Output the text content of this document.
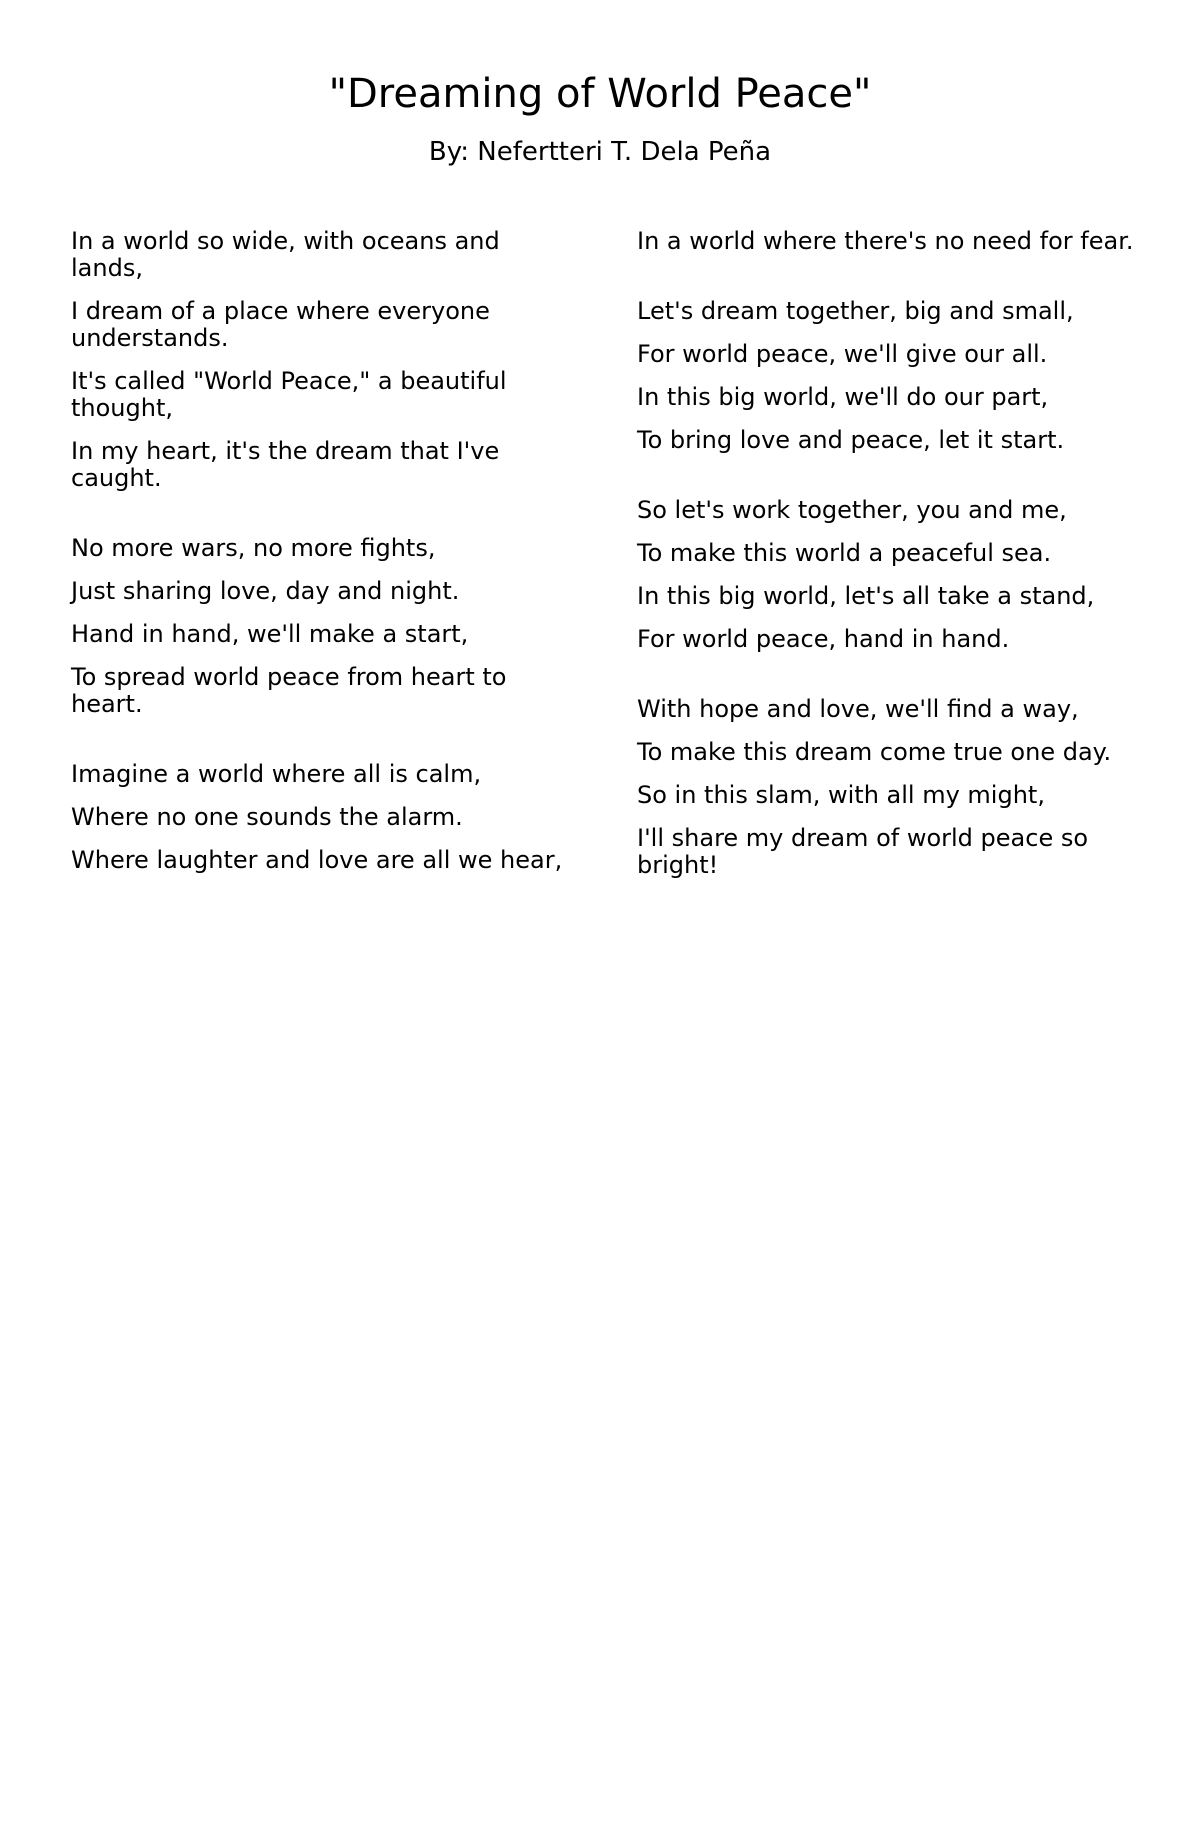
"Dreaming of World Peace"
By: Nefertteri T. Dela Peña

In a world so wide, with oceans and lands,

I dream of a place where everyone understands.

It's called "World Peace," a beautiful thought,

In my heart, it's the dream that I've caught.

No more wars, no more fights,

Just sharing love, day and night.

Hand in hand, we'll make a start,

To spread world peace from heart to heart.

Imagine a world where all is calm,

Where no one sounds the alarm.

Where laughter and love are all we hear,

In a world where there's no need for fear.

Let's dream together, big and small,

For world peace, we'll give our all.

In this big world, we'll do our part,

To bring love and peace, let it start.

So let's work together, you and me,

To make this world a peaceful sea.

In this big world, let's all take a stand,

For world peace, hand in hand.

With hope and love, we'll find a way,

To make this dream come true one day.

So in this slam, with all my might,

I'll share my dream of world peace so bright!
